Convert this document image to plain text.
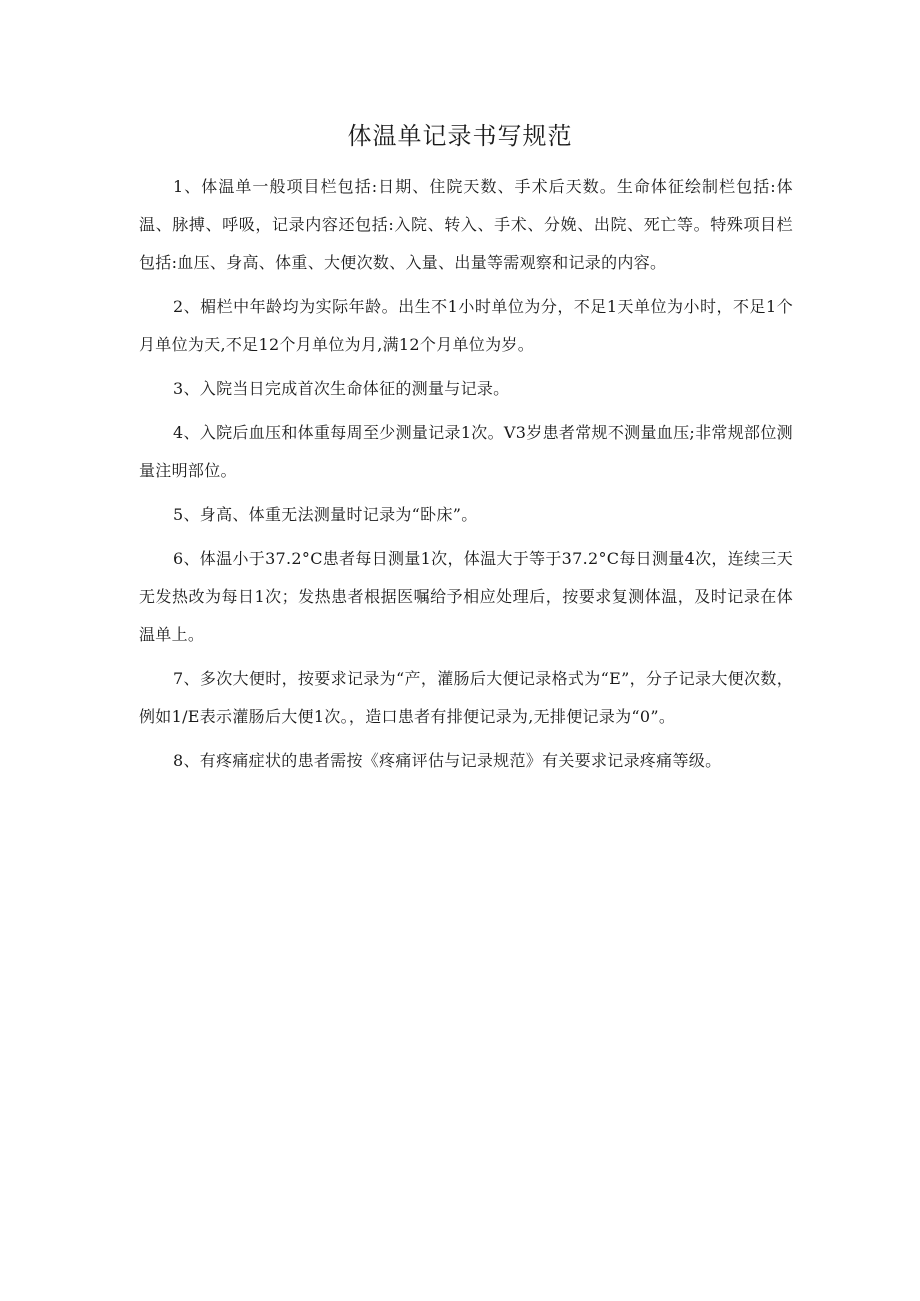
体温单记录书写规范

1、体温单一般项目栏包括:日期、住院天数、手术后天数。生命体征绘制栏包括:体温、脉搏、呼吸，记录内容还包括:入院、转入、手术、分娩、出院、死亡等。特殊项目栏包括:血压、身高、体重、大便次数、入量、出量等需观察和记录的内容。

2、楣栏中年龄均为实际年龄。出生不1小时单位为分，不足1天单位为小时，不足1个月单位为天,不足12个月单位为月,满12个月单位为岁。

3、入院当日完成首次生命体征的测量与记录。

4、入院后血压和体重每周至少测量记录1次。V3岁患者常规不测量血压;非常规部位测量注明部位。

5、身高、体重无法测量时记录为“卧床”。

6、体温小于37.2°C患者每日测量1次，体温大于等于37.2°C每日测量4次，连续三天无发热改为每日1次；发热患者根据医嘱给予相应处理后，按要求复测体温，及时记录在体温单上。

7、多次大便时，按要求记录为“产，灌肠后大便记录格式为“E”，分子记录大便次数，例如1/E表示灌肠后大便1次。，造口患者有排便记录为,无排便记录为“0”。

8、有疼痛症状的患者需按《疼痛评估与记录规范》有关要求记录疼痛等级。
